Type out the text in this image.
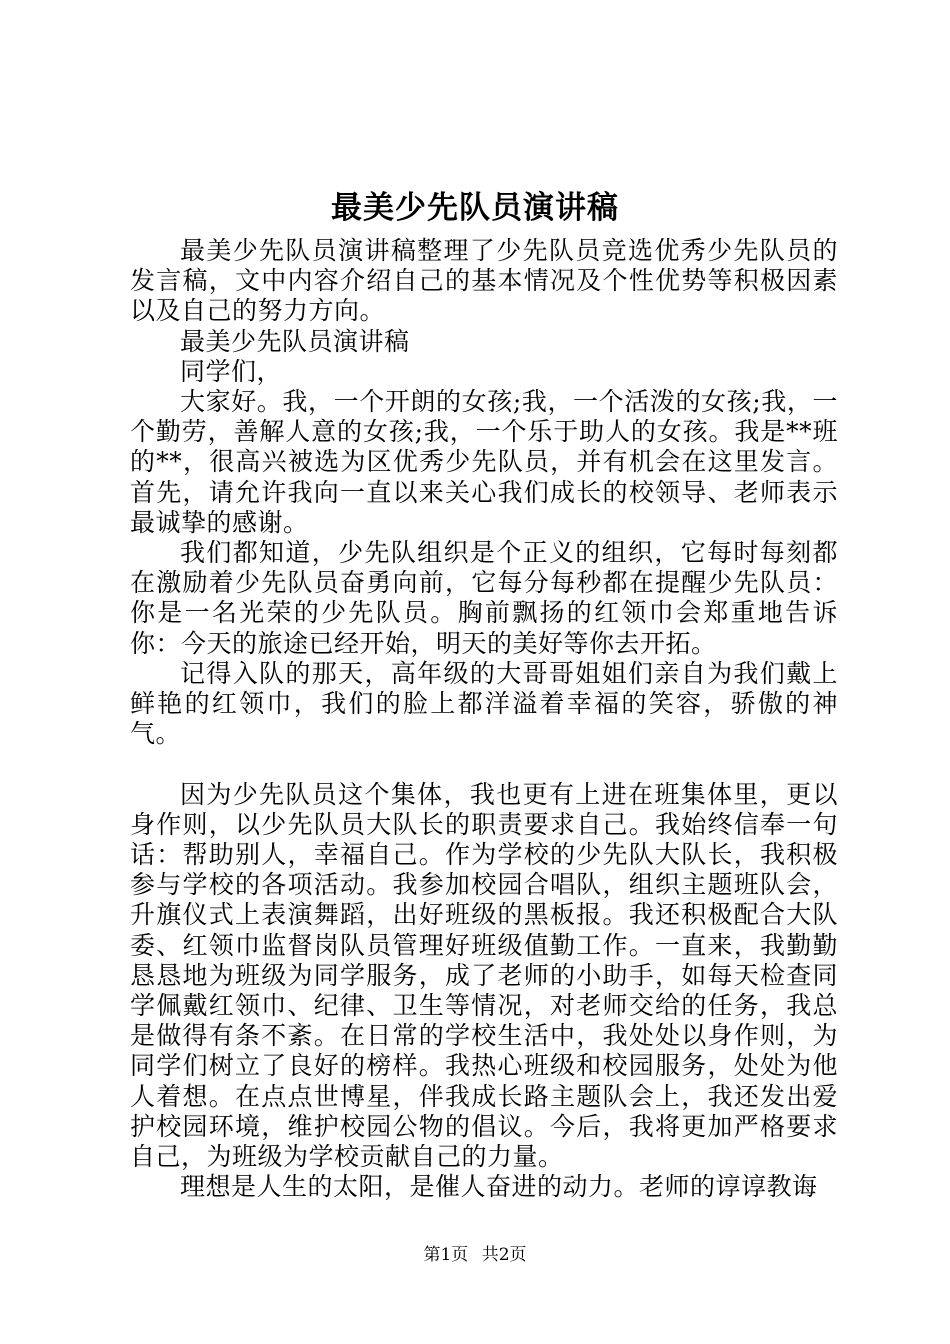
最美少先队员演讲稿

最美少先队员演讲稿整理了少先队员竞选优秀少先队员的发言稿，文中内容介绍自己的基本情况及个性优势等积极因素以及自己的努力方向。

最美少先队员演讲稿

同学们，

大家好。我，一个开朗的女孩;我，一个活泼的女孩;我，一个勤劳，善解人意的女孩;我，一个乐于助人的女孩。我是**班的**，很高兴被选为区优秀少先队员，并有机会在这里发言。首先，请允许我向一直以来关心我们成长的校领导、老师表示最诚挚的感谢。

我们都知道，少先队组织是个正义的组织，它每时每刻都在激励着少先队员奋勇向前，它每分每秒都在提醒少先队员：你是一名光荣的少先队员。胸前飘扬的红领巾会郑重地告诉你：今天的旅途已经开始，明天的美好等你去开拓。

记得入队的那天，高年级的大哥哥姐姐们亲自为我们戴上鲜艳的红领巾，我们的脸上都洋溢着幸福的笑容，骄傲的神气。

因为少先队员这个集体，我也更有上进在班集体里，更以身作则，以少先队员大队长的职责要求自己。我始终信奉一句话：帮助别人，幸福自己。作为学校的少先队大队长，我积极参与学校的各项活动。我参加校园合唱队，组织主题班队会，升旗仪式上表演舞蹈，出好班级的黑板报。我还积极配合大队委、红领巾监督岗队员管理好班级值勤工作。一直来，我勤勤恳恳地为班级为同学服务，成了老师的小助手，如每天检查同学佩戴红领巾、纪律、卫生等情况，对老师交给的任务，我总是做得有条不紊。在日常的学校生活中，我处处以身作则，为同学们树立了良好的榜样。我热心班级和校园服务，处处为他人着想。在点点世博星，伴我成长路主题队会上，我还发出爱护校园环境，维护校园公物的倡议。今后，我将更加严格要求自己，为班级为学校贡献自己的力量。

理想是人生的太阳，是催人奋进的动力。老师的谆谆教诲

第1页 共2页
